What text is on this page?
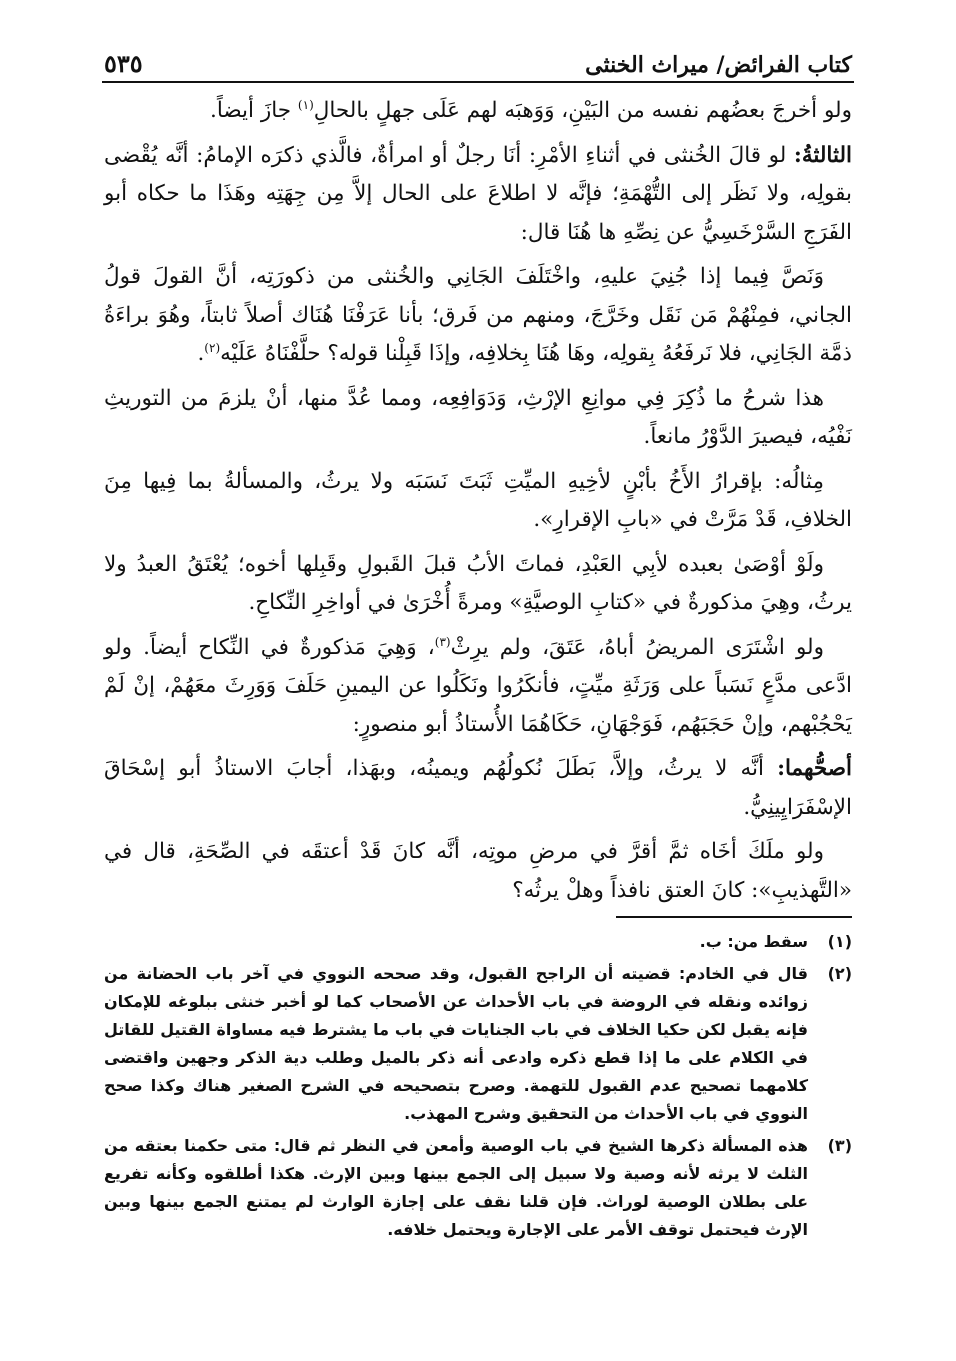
كتاب الفرائض/ ميراث الخنثى
٥٣٥

ولو أخرجَ بعضُهم نفسه من البَيْنِ، وَوَهبَه لهم عَلَى جهلٍ بالحالِ$^{(١)}$ جازَ أيضاً.

الثالثةُ: لو قالَ الخُنثى في أثناءِ الأمْرِ: أنَا رجلٌ أو امرأةٌ، فالَّذي ذكرَه الإمامُ: أنَّه يُقْضى بقولِه، ولا نَظَر إلى التُّهْمَةِ؛ فإنَّه لا اطلاعَ على الحال إلاَّ مِن جِهَتِه وهَذَا ما حكاه أبو الفَرَجِ السَّرْخَسِيُّ عن نِصِّهِ ها هُنَا قال:

وَنَصَّ فِيما إذا جُنِيَ عليهِ، واخْتَلَفَ الجَانِي والخُنثى من ذكورَتِه، أنَّ القولَ قولُ الجاني، فمِنْهُمْ مَن نَقَل وخَرَّجَ، ومنهم من فَرق؛ بأنا عَرَفْنَا هُنَاك أصلاً ثابتاً، وهُوَ براءَةُ ذمَّة الجَانِي، فلا نَرفَعُهُ بِقولِه، وهَا هُنَا بِخلافِه، وإذَا قَبِلْنا قوله؟ حلَّفْنَاهُ عَلَيْه$^{(٢)}$.

هذا شرحُ ما ذُكِرَ فِي موانِعِ الإرْثِ، وَدَوَافِعِه، ومما عُدَّ منها، أنْ يلزمَ من التوريثِ نَفْيُه، فيصيرَ الدَّوْرُ مانعاً.

مِثالُه: بإقرارُ الأَخُ بأبْنٍ لأخِيهِ الميِّتِ ثَبَتَ نَسَبَه ولا يرثُ، والمسألةُ بما فِيها مِنَ الخلافِ، قَدْ مَرَّتْ في «بابِ الإقرارِ».

ولَوْ أوْصَىٰ بعبده لأبِي العَبْدِ، فماتَ الأبُ قبلَ القَبولِ وقَبِلها أخوه؛ يُعْتَقُ العبدُ ولا يرثُ، وهِيَ مذكورةٌ في «كتابِ الوصيَّةِ» ومرةً أُخْرَىٰ في أواخِرِ النِّكاحِ.

ولو اشْتَرَى المريضُ أباهُ، عَتَقَ، ولم يرِثْ$^{(٣)}$، وَهِيَ مَذكورةٌ في النِّكاح أيضاً. ولو ادَّعى مدَّعٍ نَسَباً على وَرَثَةِ ميِّتٍ، فأنكَرُوا ونَكَلُوا عن اليمينِ حَلَفَ وَوَرِثَ معَهُمْ، إنْ لَمْ يَحْجُبْهم، وإنْ حَجَبَهُم، فَوَجْهَانِ، حَكَاهُمَا الأُستاذُ أبو منصورٍ:

أصحُّهما: أنَّه لا يرثُ، وإلاَّ، بَطَلَ نُكولُهُم ويمينُه، وبهَذا، أجابَ الاستاذُ أبو إسْحَاقَ الإسْفَرَايِينِيُّ.

ولو ملَكَ أخَاه ثمَّ أقرَّ في مرضِ موتِه، أنَّه كانَ قَدْ أعتقَه في الصِّحَةِ، قال في «التَّهذيبِ»: كانَ العتق نافذاً وهلْ يرثُه؟

(١)
سقط من: ب.
(٢)
قال في الخادم: قضيته أن الراجح القبول، وقد صححه النووي في آخر باب الحضانة من زوائده ونقله في الروضة في باب الأحداث عن الأصحاب كما لو أخبر خنثى ببلوغه للإمكان فإنه يقبل لكن حكيا الخلاف في باب الجنايات في باب ما يشترط فيه مساواة القتيل للقاتل في الكلام على ما إذا قطع ذكره وادعى أنه ذكر بالميل وطلب دية الذكر وجهين واقتضى كلامهما تصحيح عدم القبول للتهمة. وصرح بتصحيحه في الشرح الصغير هناك وكذا صحح النووي في باب الأحداث من التحقيق وشرح المهذب.
(٣)
هذه المسألة ذكرها الشيخ في باب الوصية وأمعن في النظر ثم قال: متى حكمنا بعتقه من الثلث لا يرثه لأنه وصية ولا سبيل إلى الجمع بينها وبين الإرث. هكذا أطلقوه وكأنه تفريع على بطلان الوصية لوراث. فإن قلنا نقف على إجازة الوارث لم يمتنع الجمع بينها وبين الإرث فيحتمل توقف الأمر على الإجارة ويحتمل خلافه.
